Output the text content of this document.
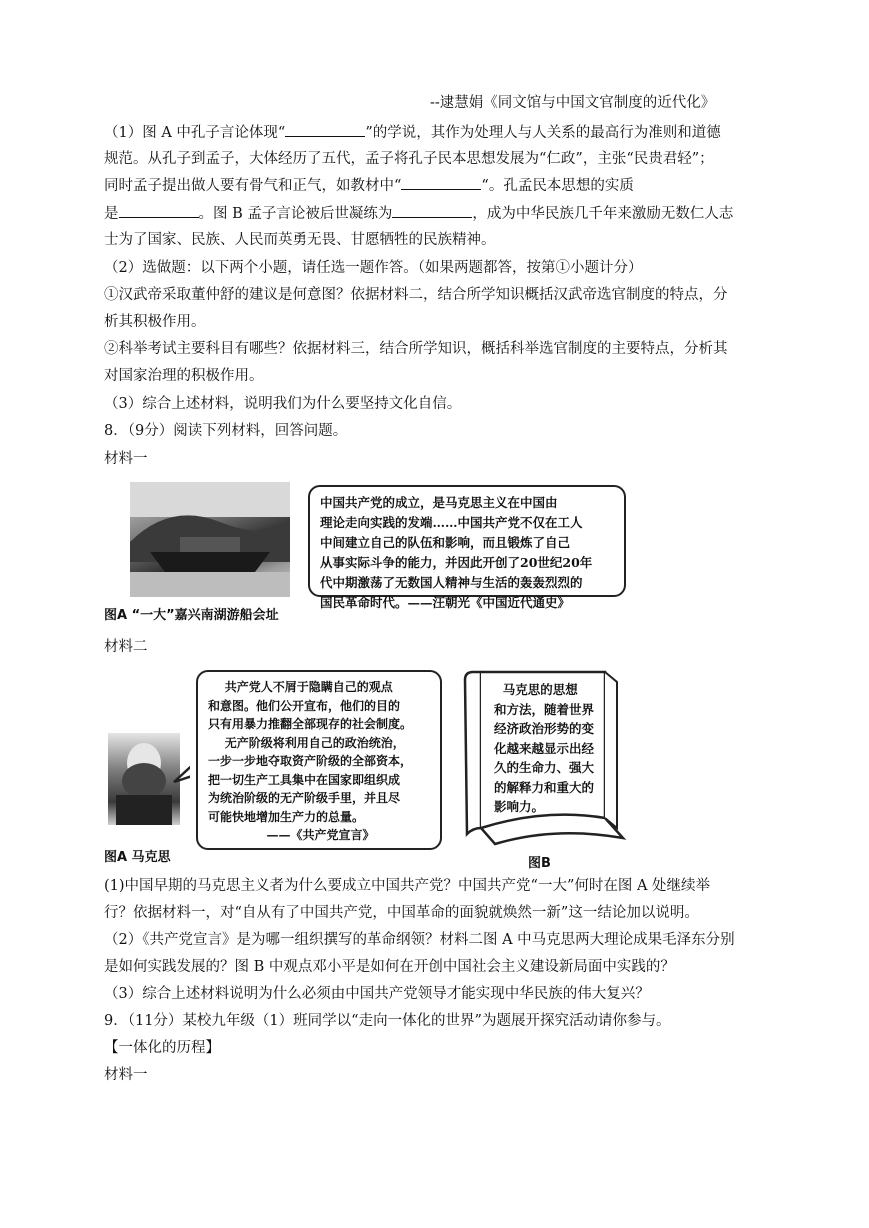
--逮慧娟《同文馆与中国文官制度的近代化》
（1）图 A 中孔子言论体现“	”的学说，其作为处理人与人关系的最高行为准则和道德
规范。从孔子到孟子，大体经历了五代，孟子将孔子民本思想发展为“仁政”，主张“民贵君轻”；
同时孟子提出做人要有骨气和正气，如教材中“	“。孔孟民本思想的实质
是	。图 B 孟子言论被后世凝练为	，成为中华民族几千年来激励无数仁人志
士为了国家、民族、人民而英勇无畏、甘愿牺牲的民族精神。
（2）选做题：以下两个小题，请任选一题作答。（如果两题都答，按第①小题计分）
①汉武帝采取董仲舒的建议是何意图？依据材料二，结合所学知识概括汉武帝选官制度的特点，分
析其积极作用。
②科举考试主要科目有哪些？依据材料三，结合所学知识，概括科举选官制度的主要特点，分析其
对国家治理的积极作用。
（3）综合上述材料，说明我们为什么要坚持文化自信。
8．（9分）阅读下列材料，回答问题。
材料一
图A “一大”嘉兴南湖游船会址

中国共产党的成立，是马克思主义在中国由

理论走向实践的发端……中国共产党不仅在工人

中间建立自己的队伍和影响，而且锻炼了自己

从事实际斗争的能力，并因此开创了20世纪20年

代中期激荡了无数国人精神与生活的轰轰烈烈的

国民革命时代。——汪朝光《中国近代通史》

材料二
图A 马克思

共产党人不屑于隐瞒自己的观点

和意图。他们公开宣布，他们的目的

只有用暴力推翻全部现存的社会制度。

无产阶级将利用自己的政治统治，

一步一步地夺取资产阶级的全部资本，

把一切生产工具集中在国家即组织成

为统治阶级的无产阶级手里，并且尽

可能快地增加生产力的总量。

——《共产党宣言》

马克思的思想
和方法，随着世界
经济政治形势的变
化越来越显示出经
久的生命力、强大
的解释力和重大的
影响力。
图B
(1)中国早期的马克思主义者为什么要成立中国共产党？中国共产党“一大”何时在图 A 处继续举
行？依据材料一，对“自从有了中国共产党，中国革命的面貌就焕然一新”这一结论加以说明。
（2）《共产党宣言》是为哪一组织撰写的革命纲领？材料二图 A 中马克思两大理论成果毛泽东分别
是如何实践发展的？图 B 中观点邓小平是如何在开创中国社会主义建设新局面中实践的？
（3）综合上述材料说明为什么必须由中国共产党领导才能实现中华民族的伟大复兴？
9．（11分）某校九年级（1）班同学以“走向一体化的世界”为题展开探究活动请你参与。
【一体化的历程】
材料一
